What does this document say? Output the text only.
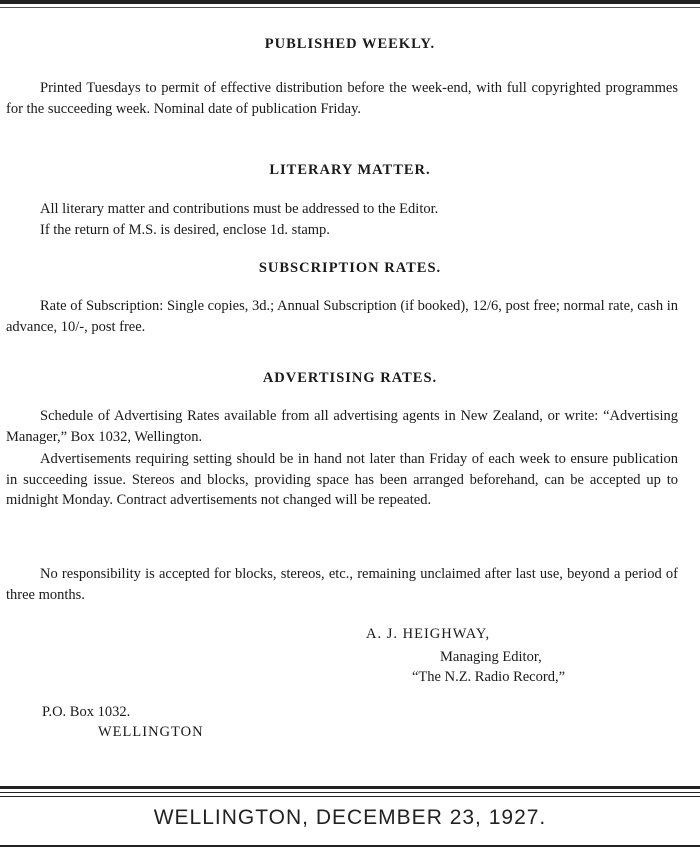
PUBLISHED WEEKLY.

Printed Tuesdays to permit of effective distribution before the week-end, with full copyrighted programmes for the succeeding week. Nominal date of publication Friday.

LITERARY MATTER.

All literary matter and contributions must be addressed to the Editor.

If the return of M.S. is desired, enclose 1d. stamp.

SUBSCRIPTION RATES.

Rate of Subscription: Single copies, 3d.; Annual Subscription (if booked), 12/6, post free; normal rate, cash in advance, 10/-, post free.

ADVERTISING RATES.

Schedule of Advertising Rates available from all advertising agents in New Zealand, or write: “Advertising Manager,” Box 1032, Wellington.

Advertisements requiring setting should be in hand not later than Friday of each week to ensure publication in succeeding issue. Stereos and blocks, providing space has been arranged beforehand, can be accepted up to midnight Monday. Contract advertisements not changed will be repeated.

No responsibility is accepted for blocks, stereos, etc., remaining unclaimed after last use, beyond a period of three months.

A. J. HEIGHWAY,

Managing Editor,

“The N.Z. Radio Record,”

P.O. Box 1032.

WELLINGTON

WELLINGTON, DECEMBER 23, 1927.
